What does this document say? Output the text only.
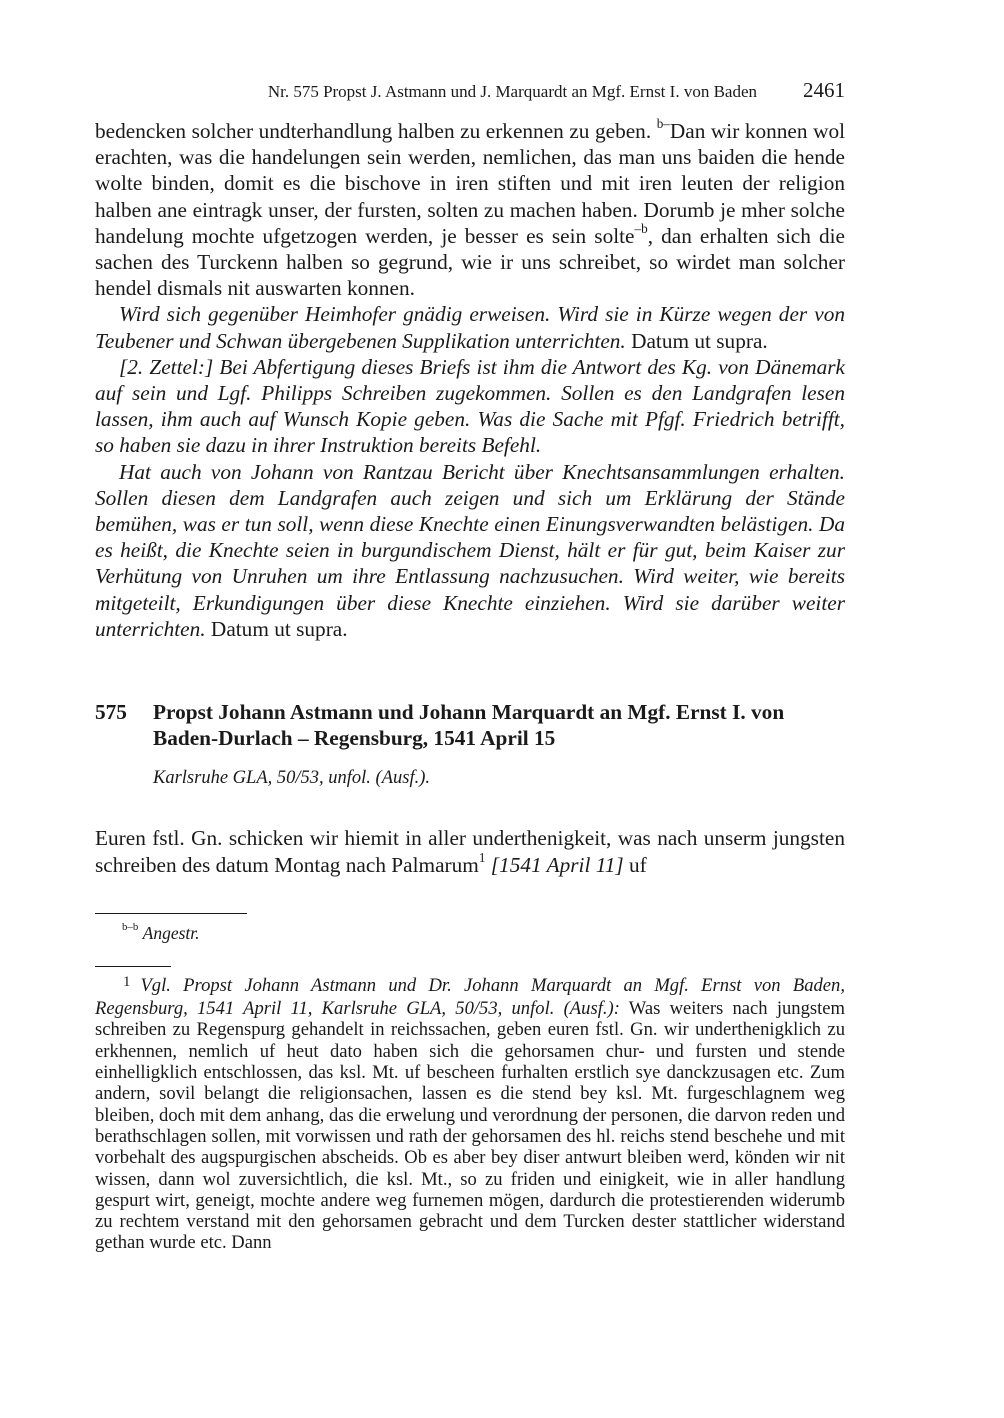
Nr. 575 Propst J. Astmann und J. Marquardt an Mgf. Ernst I. von Baden 2461

bedencken solcher undterhandlung halben zu erkennen zu geben. $^{b-}$Dan wir konnen wol erachten, was die handelungen sein werden, nemlichen, das man uns baiden die hende wolte binden, domit es die bischove in iren stiften und mit iren leuten der religion halben ane eintragk unser, der fursten, solten zu machen haben. Dorumb je mher solche handelung mochte ufgetzogen werden, je besser es sein solte$^{-b}$, dan erhalten sich die sachen des Turckenn halben so gegrund, wie ir uns schreibet, so wirdet man solcher hendel dismals nit auswarten konnen.

Wird sich gegenüber Heimhofer gnädig erweisen. Wird sie in Kürze wegen der von Teubener und Schwan übergebenen Supplikation unterrichten. Datum ut supra.

[2. Zettel:] Bei Abfertigung dieses Briefs ist ihm die Antwort des Kg. von Dänemark auf sein und Lgf. Philipps Schreiben zugekommen. Sollen es den Landgrafen lesen lassen, ihm auch auf Wunsch Kopie geben. Was die Sache mit Pfgf. Friedrich betrifft, so haben sie dazu in ihrer Instruktion bereits Befehl.

Hat auch von Johann von Rantzau Bericht über Knechtsansammlungen erhalten. Sollen diesen dem Landgrafen auch zeigen und sich um Erklärung der Stände bemühen, was er tun soll, wenn diese Knechte einen Einungsverwandten belästigen. Da es heißt, die Knechte seien in burgundischem Dienst, hält er für gut, beim Kaiser zur Verhütung von Unruhen um ihre Entlassung nachzusuchen. Wird weiter, wie bereits mitgeteilt, Erkundigungen über diese Knechte einziehen. Wird sie darüber weiter unterrichten. Datum ut supra.

575	Propst Johann Astmann und Johann Marquardt an Mgf. Ernst I. von Baden-Durlach – Regensburg, 1541 April 15
Karlsruhe GLA, 50/53, unfol. (Ausf.).

Euren fstl. Gn. schicken wir hiemit in aller underthenigkeit, was nach unserm jungsten schreiben des datum Montag nach Palmarum$^1$ [1541 April 11] uf

$^{b-b}$ Angestr.
$^1$ Vgl. Propst Johann Astmann und Dr. Johann Marquardt an Mgf. Ernst von Baden, Regensburg, 1541 April 11, Karlsruhe GLA, 50/53, unfol. (Ausf.): Was weiters nach jungstem schreiben zu Regenspurg gehandelt in reichssachen, geben euren fstl. Gn. wir underthenigklich zu erkhennen, nemlich uf heut dato haben sich die gehorsamen chur- und fursten und stende einhelligklich entschlossen, das ksl. Mt. uf bescheen furhalten erstlich sye danckzusagen etc. Zum andern, sovil belangt die religionsachen, lassen es die stend bey ksl. Mt. furgeschlagnem weg bleiben, doch mit dem anhang, das die erwelung und verordnung der personen, die darvon reden und berathschlagen sollen, mit vorwissen und rath der gehorsamen des hl. reichs stend beschehe und mit vorbehalt des augspurgischen abscheids. Ob es aber bey diser antwurt bleiben werd, könden wir nit wissen, dann wol zuversichtlich, die ksl. Mt., so zu friden und einigkeit, wie in aller handlung gespurt wirt, geneigt, mochte andere weg furnemen mögen, dardurch die protestierenden widerumb zu rechtem verstand mit den gehorsamen gebracht und dem Turcken dester stattlicher widerstand gethan wurde etc. Dann
